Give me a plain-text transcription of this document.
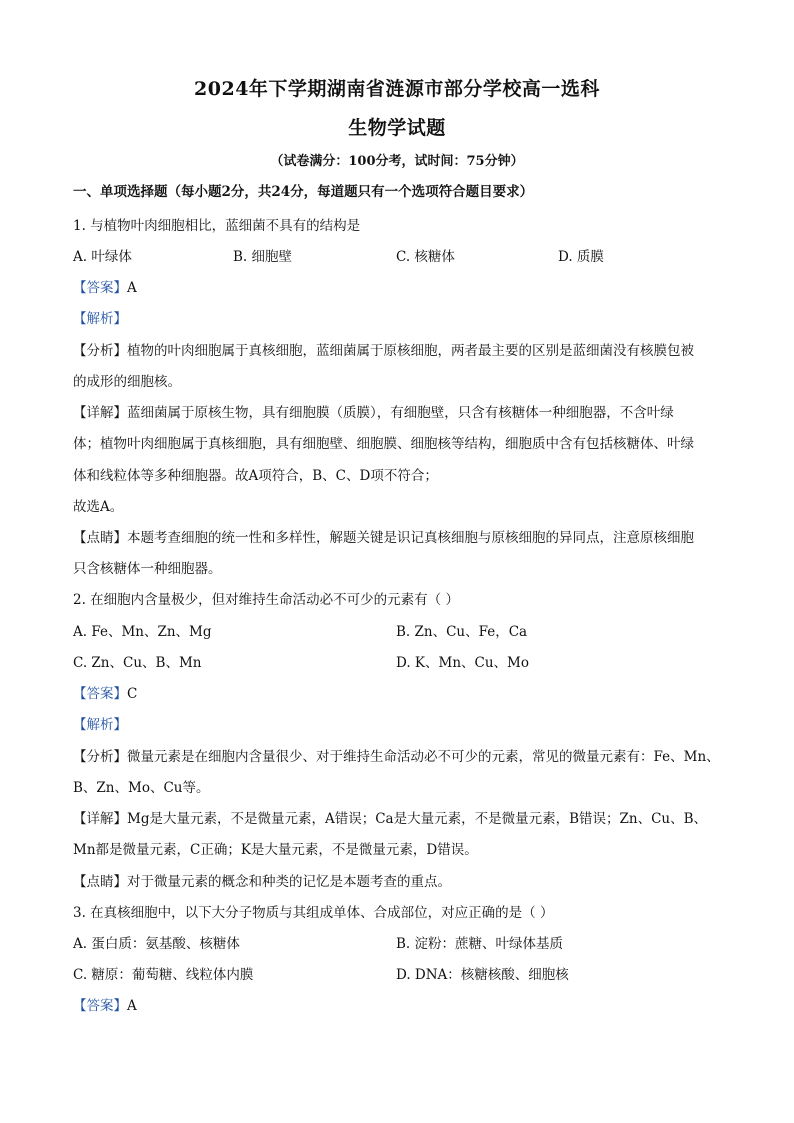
2024年下学期湖南省涟源市部分学校高一选科
生物学试题
（试卷满分：100分考，试时间：75分钟）
一、单项选择题（每小题2分，共24分，每道题只有一个选项符合题目要求）
1. 与植物叶肉细胞相比，蓝细菌不具有的结构是
A. 叶绿体	B. 细胞壁	C. 核糖体	D. 质膜
【答案】A
【解析】
【分析】植物的叶肉细胞属于真核细胞，蓝细菌属于原核细胞，两者最主要的区别是蓝细菌没有核膜包被
的成形的细胞核。
【详解】蓝细菌属于原核生物，具有细胞膜（质膜），有细胞壁，只含有核糖体一种细胞器，不含叶绿
体；植物叶肉细胞属于真核细胞，具有细胞壁、细胞膜、细胞核等结构，细胞质中含有包括核糖体、叶绿
体和线粒体等多种细胞器。故A项符合，B、C、D项不符合；
故选A。
【点睛】本题考查细胞的统一性和多样性，解题关键是识记真核细胞与原核细胞的异同点，注意原核细胞
只含核糖体一种细胞器。
2. 在细胞内含量极少，但对维持生命活动必不可少的元素有（ ）
A. Fe、Mn、Zn、Mg	B. Zn、Cu、Fe，Ca
C. Zn、Cu、B、Mn	D. K、Mn、Cu、Mo
【答案】C
【解析】
【分析】微量元素是在细胞内含量很少、对于维持生命活动必不可少的元素，常见的微量元素有：Fe、Mn、
B、Zn、Mo、Cu等。
【详解】Mg是大量元素，不是微量元素，A错误；Ca是大量元素，不是微量元素，B错误；Zn、Cu、B、
Mn都是微量元素，C正确；K是大量元素，不是微量元素，D错误。
【点睛】对于微量元素的概念和种类的记忆是本题考查的重点。
3. 在真核细胞中，以下大分子物质与其组成单体、合成部位，对应正确的是（ ）
A. 蛋白质：氨基酸、核糖体	B. 淀粉：蔗糖、叶绿体基质
C. 糖原：葡萄糖、线粒体内膜	D. DNA：核糖核酸、细胞核
【答案】A
